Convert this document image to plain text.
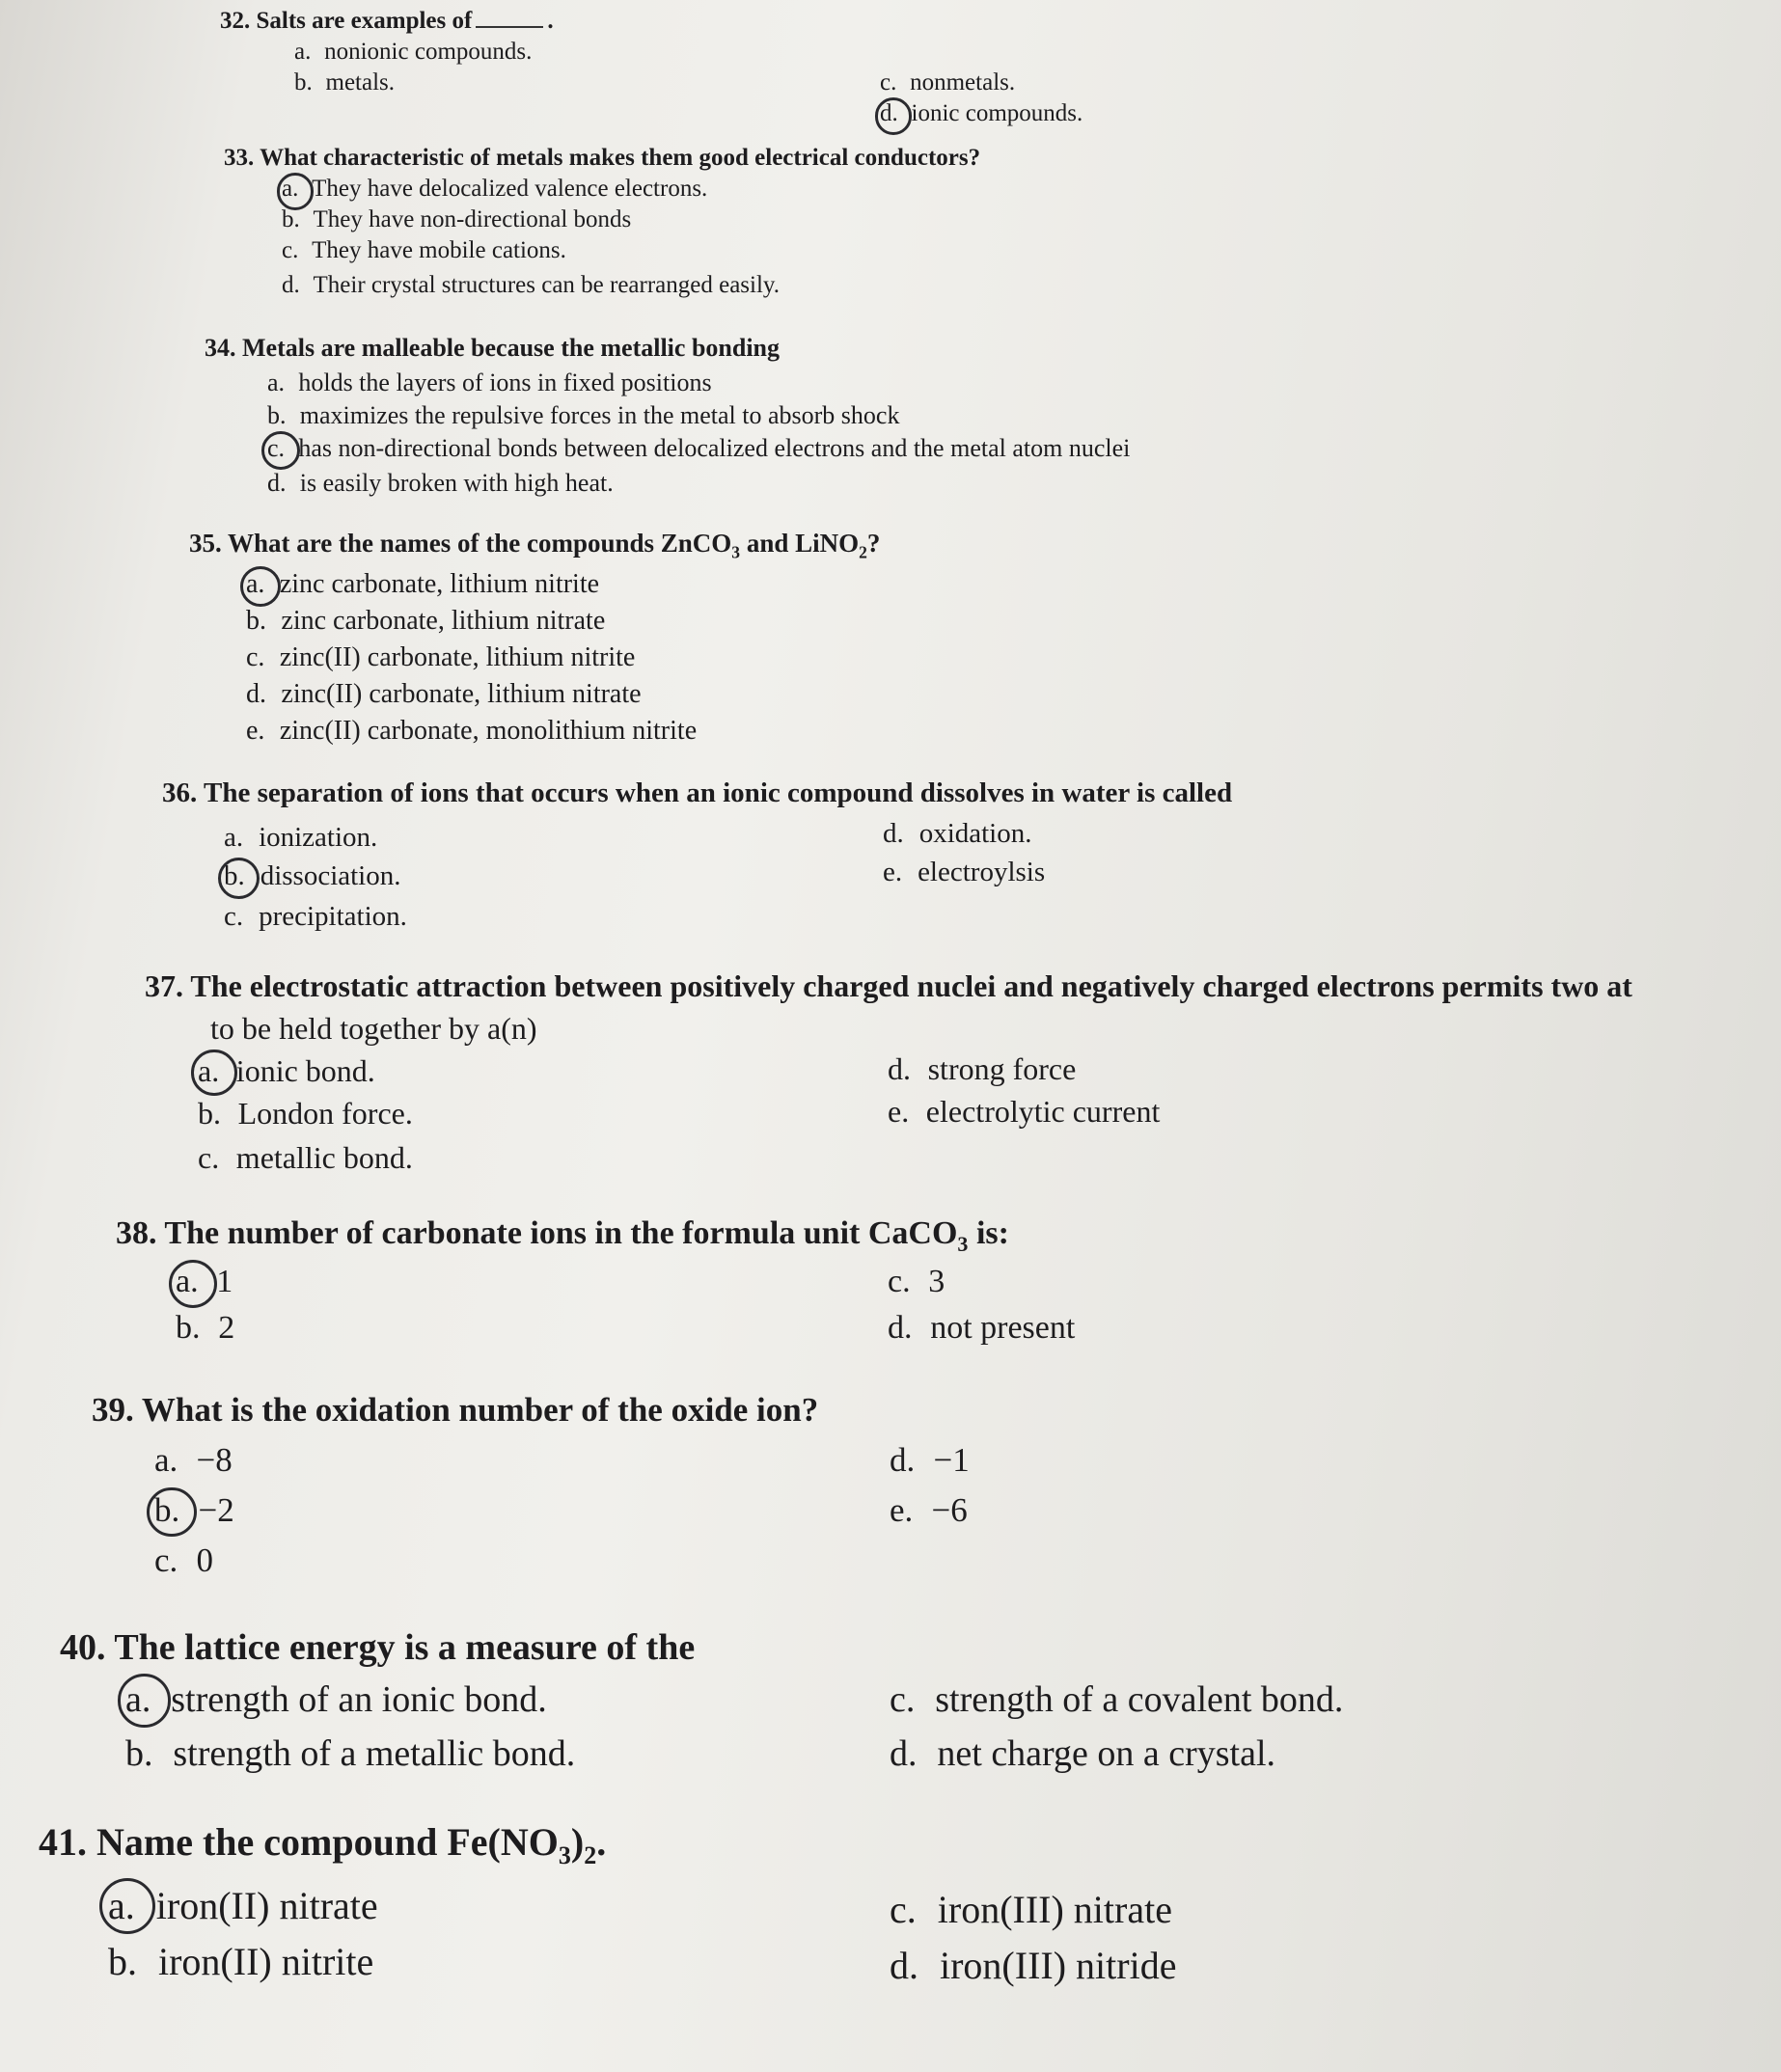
32. Salts are examples of	.
a. nonionic compounds.
b. metals.	c. nonmetals.
d. ionic compounds.
33. What characteristic of metals makes them good electrical conductors?
a. They have delocalized valence electrons.
b. They have non-directional bonds
c. They have mobile cations.
d. Their crystal structures can be rearranged easily.
34. Metals are malleable because the metallic bonding
a. holds the layers of ions in fixed positions
b. maximizes the repulsive forces in the metal to absorb shock
c. has non-directional bonds between delocalized electrons and the metal atom nuclei
d. is easily broken with high heat.
35. What are the names of the compounds ZnCO$_3$ and LiNO$_2$?
a. zinc carbonate, lithium nitrite
b. zinc carbonate, lithium nitrate
c. zinc(II) carbonate, lithium nitrite
d. zinc(II) carbonate, lithium nitrate
e. zinc(II) carbonate, monolithium nitrite
36. The separation of ions that occurs when an ionic compound dissolves in water is called
a. ionization.
b. dissociation.
c. precipitation.
d. oxidation.
e. electroylsis
37. The electrostatic attraction between positively charged nuclei and negatively charged electrons permits two at
to be held together by a(n)
a. ionic bond.
b. London force.
c. metallic bond.
d. strong force
e. electrolytic current
38. The number of carbonate ions in the formula unit CaCO$_3$ is:
a. 1
b. 2
c. 3
d. not present
39. What is the oxidation number of the oxide ion?
a. −8
b. −2
c. 0
d. −1
e. −6
40. The lattice energy is a measure of the
a. strength of an ionic bond.
b. strength of a metallic bond.
c. strength of a covalent bond.
d. net charge on a crystal.
41. Name the compound $Fe(NO_3)_2$.
a. iron(II) nitrate
b. iron(II) nitrite
c. iron(III) nitrate
d. iron(III) nitride
